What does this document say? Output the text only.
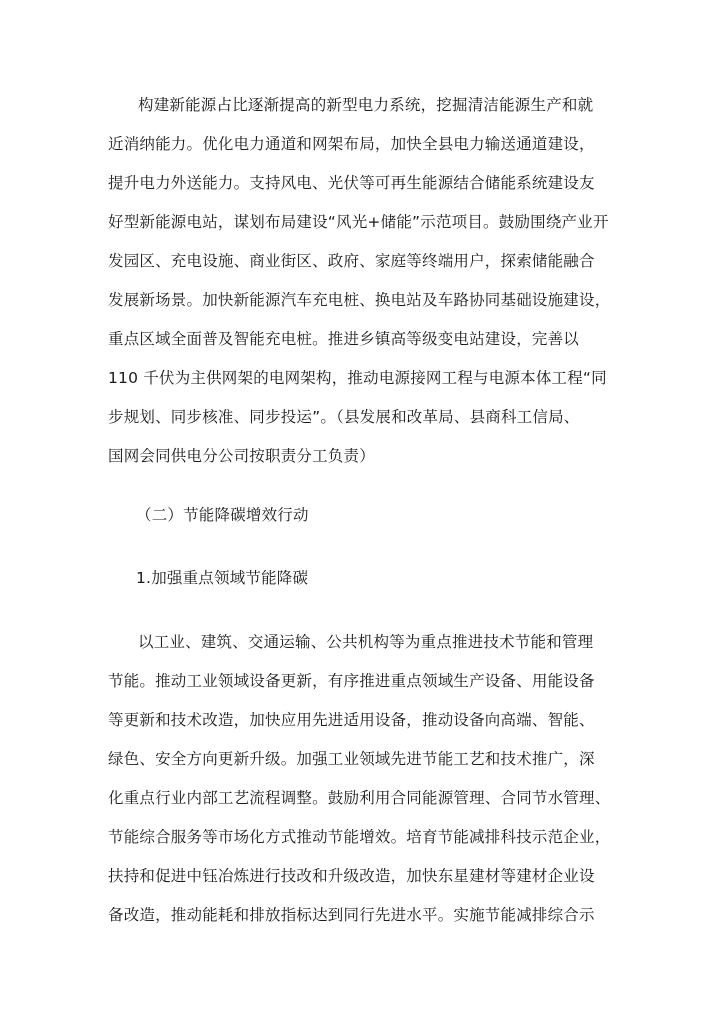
构建新能源占比逐渐提高的新型电力系统，挖掘清洁能源生产和就
近消纳能力。优化电力通道和网架布局，加快全县电力输送通道建设，
提升电力外送能力。支持风电、光伏等可再生能源结合储能系统建设友
好型新能源电站，谋划布局建设“风光+储能”示范项目。鼓励围绕产业开
发园区、充电设施、商业街区、政府、家庭等终端用户，探索储能融合
发展新场景。加快新能源汽车充电桩、换电站及车路协同基础设施建设，
重点区域全面普及智能充电桩。推进乡镇高等级变电站建设，完善以
110 千伏为主供网架的电网架构，推动电源接网工程与电源本体工程“同
步规划、同步核准、同步投运”。（县发展和改革局、县商科工信局、
国网会同供电分公司按职责分工负责）
（二）节能降碳增效行动
1.加强重点领域节能降碳
以工业、建筑、交通运输、公共机构等为重点推进技术节能和管理
节能。推动工业领域设备更新，有序推进重点领域生产设备、用能设备
等更新和技术改造，加快应用先进适用设备，推动设备向高端、智能、
绿色、安全方向更新升级。加强工业领域先进节能工艺和技术推广，深
化重点行业内部工艺流程调整。鼓励利用合同能源管理、合同节水管理、
节能综合服务等市场化方式推动节能增效。培育节能减排科技示范企业，
扶持和促进中钰冶炼进行技改和升级改造，加快东星建材等建材企业设
备改造，推动能耗和排放指标达到同行先进水平。实施节能减排综合示
